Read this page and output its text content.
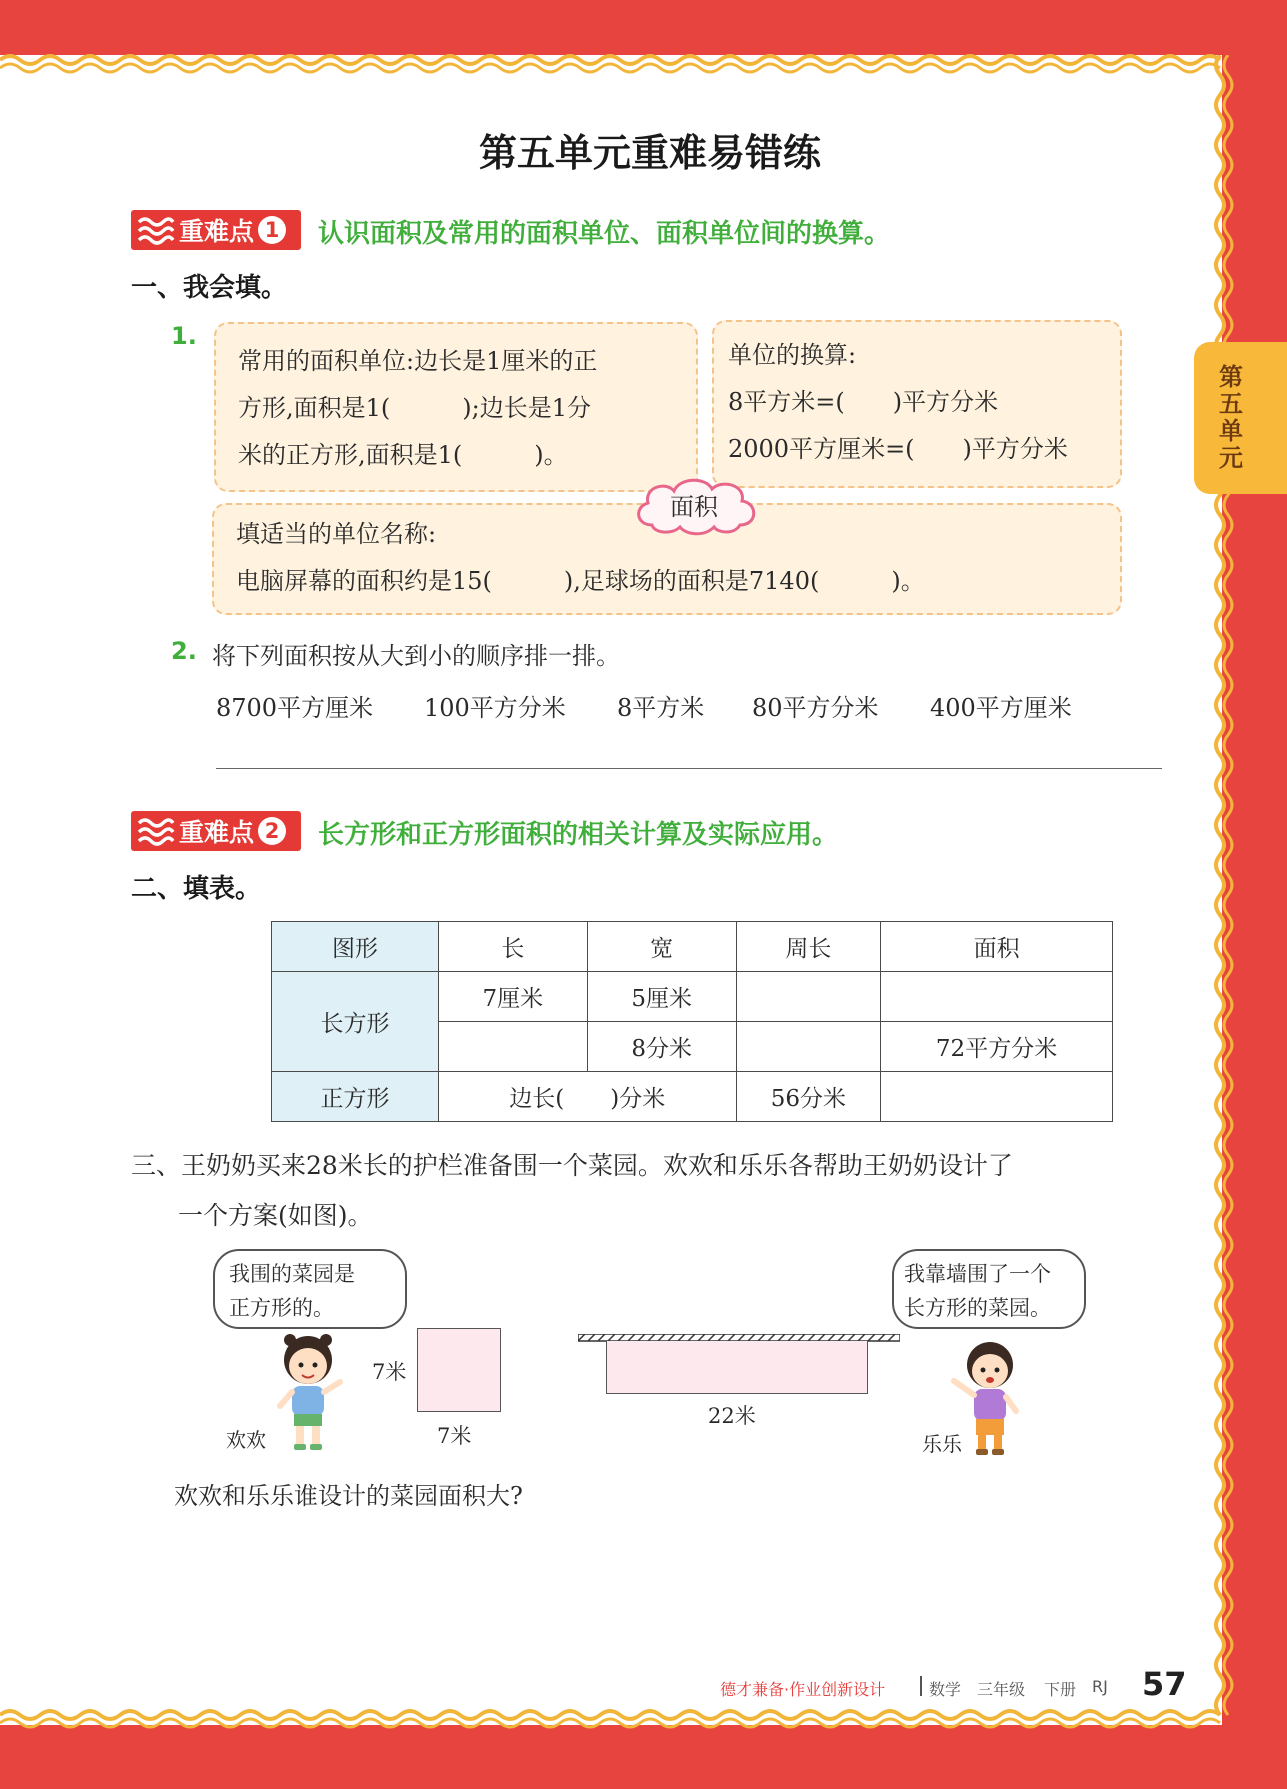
第五单元
第五单元重难易错练
重难点 1 认识面积及常用的面积单位、面积单位间的换算。
一、我会填。
1.
常用的面积单位:边长是1厘米的正
方形,面积是1(　　　);边长是1分
米的正方形,面积是1(　　　)。
单位的换算:
8平方米=(　　)平方分米
2000平方厘米=(　　)平方分米
填适当的单位名称:
电脑屏幕的面积约是15(　　　),足球场的面积是7140(　　　)。
面积
2. 将下列面积按从大到小的顺序排一排。
8700平方厘米 100平方分米 8平方米 80平方分米 400平方厘米
重难点 2 长方形和正方形面积的相关计算及实际应用。
二、填表。
图形	长	宽	周长	面积
长方形	7厘米	5厘米		
		8分米		72平方分米
正方形	边长(　　)分米		56分米	
三、王奶奶买来28米长的护栏准备围一个菜园。欢欢和乐乐各帮助王奶奶设计了
一个方案(如图)。
我围的菜园是
正方形的。
我靠墙围了一个
长方形的菜园。
欢欢	乐乐
7米
7米
22米
欢欢和乐乐谁设计的菜园面积大?
德才兼备·作业创新设计	数学 三年级 下册 RJ 57
